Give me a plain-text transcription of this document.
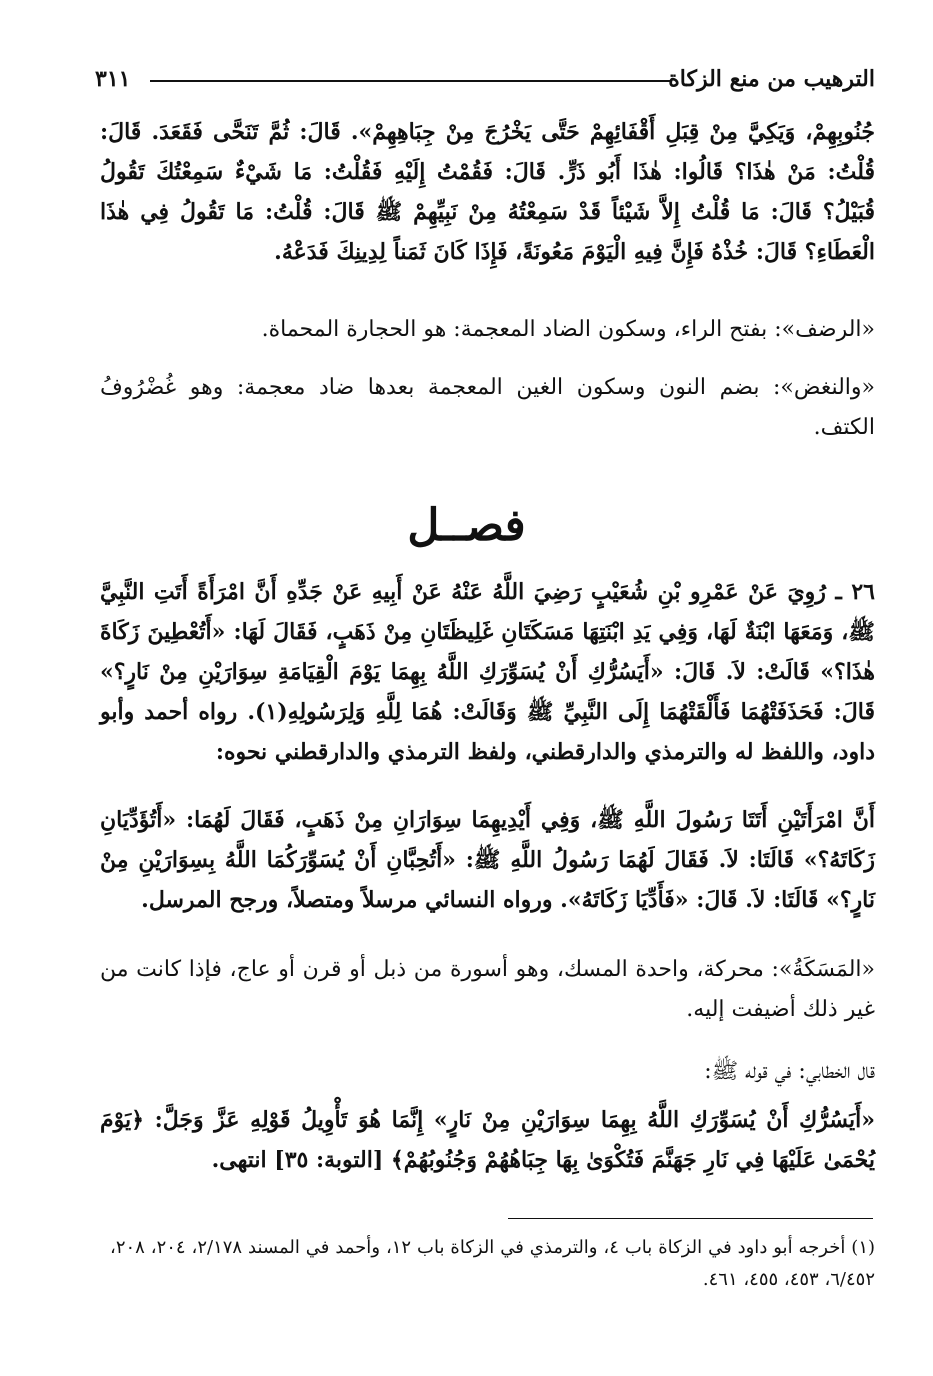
الترهيب من منع الزكاة
٣١١

جُنُوبِهِمْ، وَيَكِيَّ مِنْ قِبَلِ أَقْفَائِهِمْ حَتَّى يَخْرُجَ مِنْ جِبَاهِهِمْ». قَالَ: ثُمَّ تَنَحَّى فَقَعَدَ. قَالَ: قُلْتُ: مَنْ هٰذَا؟ قَالُوا: هٰذَا أَبُو ذَرٍّ. قَالَ: فَقُمْتُ إِلَيْهِ فَقُلْتُ: مَا شَيْءٌ سَمِعْتُكَ تَقُولُ قُبَيْلُ؟ قَالَ: مَا قُلْتُ إِلاَّ شَيْئاً قَدْ سَمِعْتُهُ مِنْ نَبِيِّهِمْ ﷺ قَالَ: قُلْتُ: مَا تَقُولُ فِي هٰذَا الْعَطَاءِ؟ قَالَ: خُذْهُ فَإِنَّ فِيهِ الْيَوْمَ مَعُونَةً، فَإِذَا كَانَ ثَمَناً لِدِينِكَ فَدَعْهُ.

«الرضف»: بفتح الراء، وسكون الضاد المعجمة: هو الحجارة المحماة.

«والنغض»: بضم النون وسكون الغين المعجمة بعدها ضاد معجمة: وهو غُضْرُوفُ الكتف.

فصــل

٢٦ ـ رُوِيَ عَنْ عَمْرِو بْنِ شُعَيْبٍ رَضِيَ اللَّهُ عَنْهُ عَنْ أَبِيهِ عَنْ جَدِّهِ أَنَّ امْرَأَةً أَتَتِ النَّبِيَّ ﷺ، وَمَعَهَا ابْنَةٌ لَهَا، وَفِي يَدِ ابْنَتِهَا مَسَكَتَانِ غَلِيظَتَانِ مِنْ ذَهَبٍ، فَقَالَ لَهَا: «أَتُعْطِينَ زَكَاةَ هٰذَا؟» قَالَتْ: لاَ. قَالَ: «أَيَسُرُّكِ أَنْ يُسَوِّرَكِ اللَّهُ بِهِمَا يَوْمَ الْقِيَامَةِ سِوَارَيْنِ مِنْ نَارٍ؟» قَالَ: فَحَذَفَتْهُمَا فَأَلْقَتْهُمَا إِلَى النَّبِيِّ ﷺ وَقَالَتْ: هُمَا لِلَّهِ وَلِرَسُولِهِ(١). رواه أحمد وأبو داود، واللفظ له والترمذي والدارقطني، ولفظ الترمذي والدارقطني نحوه:

أَنَّ امْرَأَتَيْنِ أَتَتَا رَسُولَ اللَّهِ ﷺ، وَفِي أَيْدِيهِمَا سِوَارَانِ مِنْ ذَهَبٍ، فَقَالَ لَهُمَا: «أَتُؤَدِّيَانِ زَكَاتَهُ؟» قَالَتَا: لاَ. فَقَالَ لَهُمَا رَسُولُ اللَّهِ ﷺ: «أَتُحِبَّانِ أَنْ يُسَوِّرَكُمَا اللَّهُ بِسِوَارَيْنِ مِنْ نَارٍ؟» قَالَتَا: لاَ. قَالَ: «فَأَدِّيَا زَكَاتَهُ». ورواه النسائي مرسلاً ومتصلاً، ورجح المرسل.

«المَسَكَةُ»: محركة، واحدة المسك، وهو أسورة من ذبل أو قرن أو عاج، فإذا كانت من غير ذلك أضيفت إليه.

قال الخطابي: في قوله ﷺ:

«أَيَسُرُّكِ أَنْ يُسَوِّرَكِ اللَّهُ بِهِمَا سِوَارَيْنِ مِنْ نَارٍ» إِنَّمَا هُوَ تَأْوِيلُ قَوْلِهِ عَزَّ وَجَلَّ: ﴿يَوْمَ يُحْمَىٰ عَلَيْهَا فِي نَارِ جَهَنَّمَ فَتُكْوَىٰ بِهَا جِبَاهُهُمْ وَجُنُوبُهُمْ﴾ [التوبة: ٣٥] انتهى.

(١) أخرجه أبو داود في الزكاة باب ٤، والترمذي في الزكاة باب ١٢، وأحمد في المسند ٢/١٧٨، ٢٠٤، ٢٠٨، ٦/٤٥٢، ٤٥٣، ٤٥٥، ٤٦١.
